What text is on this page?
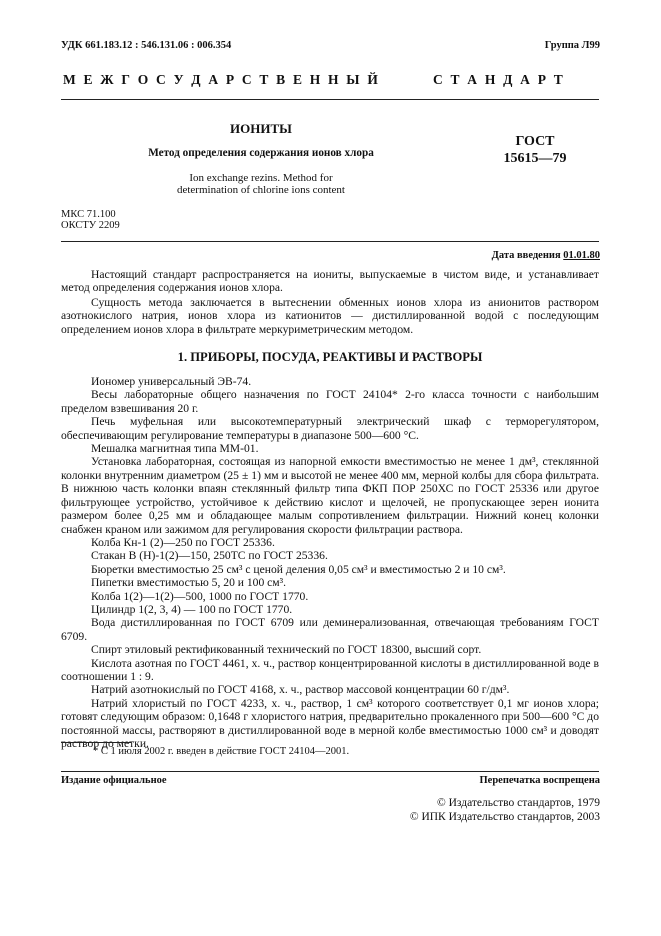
УДК 661.183.12 : 546.131.06 : 006.354	Группа Л99
М Е Ж Г О С У Д А Р С Т В Е Н Н Ы Й	С Т А Н Д А Р Т
ИОНИТЫ
Метод определения содержания ионов хлора
Ion exchange rezins. Method for
determination of chlorine ions content
ГОСТ
15615—79
МКС 71.100
ОКСТУ 2209
Дата введения 01.01.80

Настоящий стандарт распространяется на иониты, выпускаемые в чистом виде, и устанавливает метод определения содержания ионов хлора.

Сущность метода заключается в вытеснении обменных ионов хлора из анионитов раствором азотнокислого натрия, ионов хлора из катионитов — дистиллированной водой с последующим определением ионов хлора в фильтрате меркуриметрическим методом.

1. ПРИБОРЫ, ПОСУДА, РЕАКТИВЫ И РАСТВОРЫ

Иономер универсальный ЭВ-74.

Весы лабораторные общего назначения по ГОСТ 24104* 2-го класса точности с наибольшим пределом взвешивания 20 г.

Печь муфельная или высокотемпературный электрический шкаф с терморегулятором, обеспечивающим регулирование температуры в диапазоне 500—600 °С.

Мешалка магнитная типа ММ-01.

Установка лабораторная, состоящая из напорной емкости вместимостью не менее 1 дм³, стеклянной колонки внутренним диаметром (25 ± 1) мм и высотой не менее 400 мм, мерной колбы для сбора фильтрата. В нижнюю часть колонки впаян стеклянный фильтр типа ФКП ПОР 250ХС по ГОСТ 25336 или другое фильтрующее устройство, устойчивое к действию кислот и щелочей, не пропускающее зерен ионита размером более 0,25 мм и обладающее малым сопротивлением фильтрации. Нижний конец колонки снабжен краном или зажимом для регулирования скорости фильтрации раствора.

Колба Кн-1 (2)—250 по ГОСТ 25336.

Стакан В (Н)-1(2)—150, 250ТС по ГОСТ 25336.

Бюретки вместимостью 25 см³ с ценой деления 0,05 см³ и вместимостью 2 и 10 см³.

Пипетки вместимостью 5, 20 и 100 см³.

Колба 1(2)—1(2)—500, 1000 по ГОСТ 1770.

Цилиндр 1(2, 3, 4) — 100 по ГОСТ 1770.

Вода дистиллированная по ГОСТ 6709 или деминерализованная, отвечающая требованиям ГОСТ 6709.

Спирт этиловый ректификованный технический по ГОСТ 18300, высший сорт.

Кислота азотная по ГОСТ 4461, х. ч., раствор концентрированной кислоты в дистиллированной воде в соотношении 1 : 9.

Натрий азотнокислый по ГОСТ 4168, х. ч., раствор массовой концентрации 60 г/дм³.

Натрий хлористый по ГОСТ 4233, х. ч., раствор, 1 см³ которого соответствует 0,1 мг ионов хлора; готовят следующим образом: 0,1648 г хлористого натрия, предварительно прокаленного при 500—600 °С до постоянной массы, растворяют в дистиллированной воде в мерной колбе вместимостью 1000 см³ и доводят раствор до метки.

* С 1 июля 2002 г. введен в действие ГОСТ 24104—2001.
Издание официальное	Перепечатка воспрещена
© Издательство стандартов, 1979
© ИПК Издательство стандартов, 2003
